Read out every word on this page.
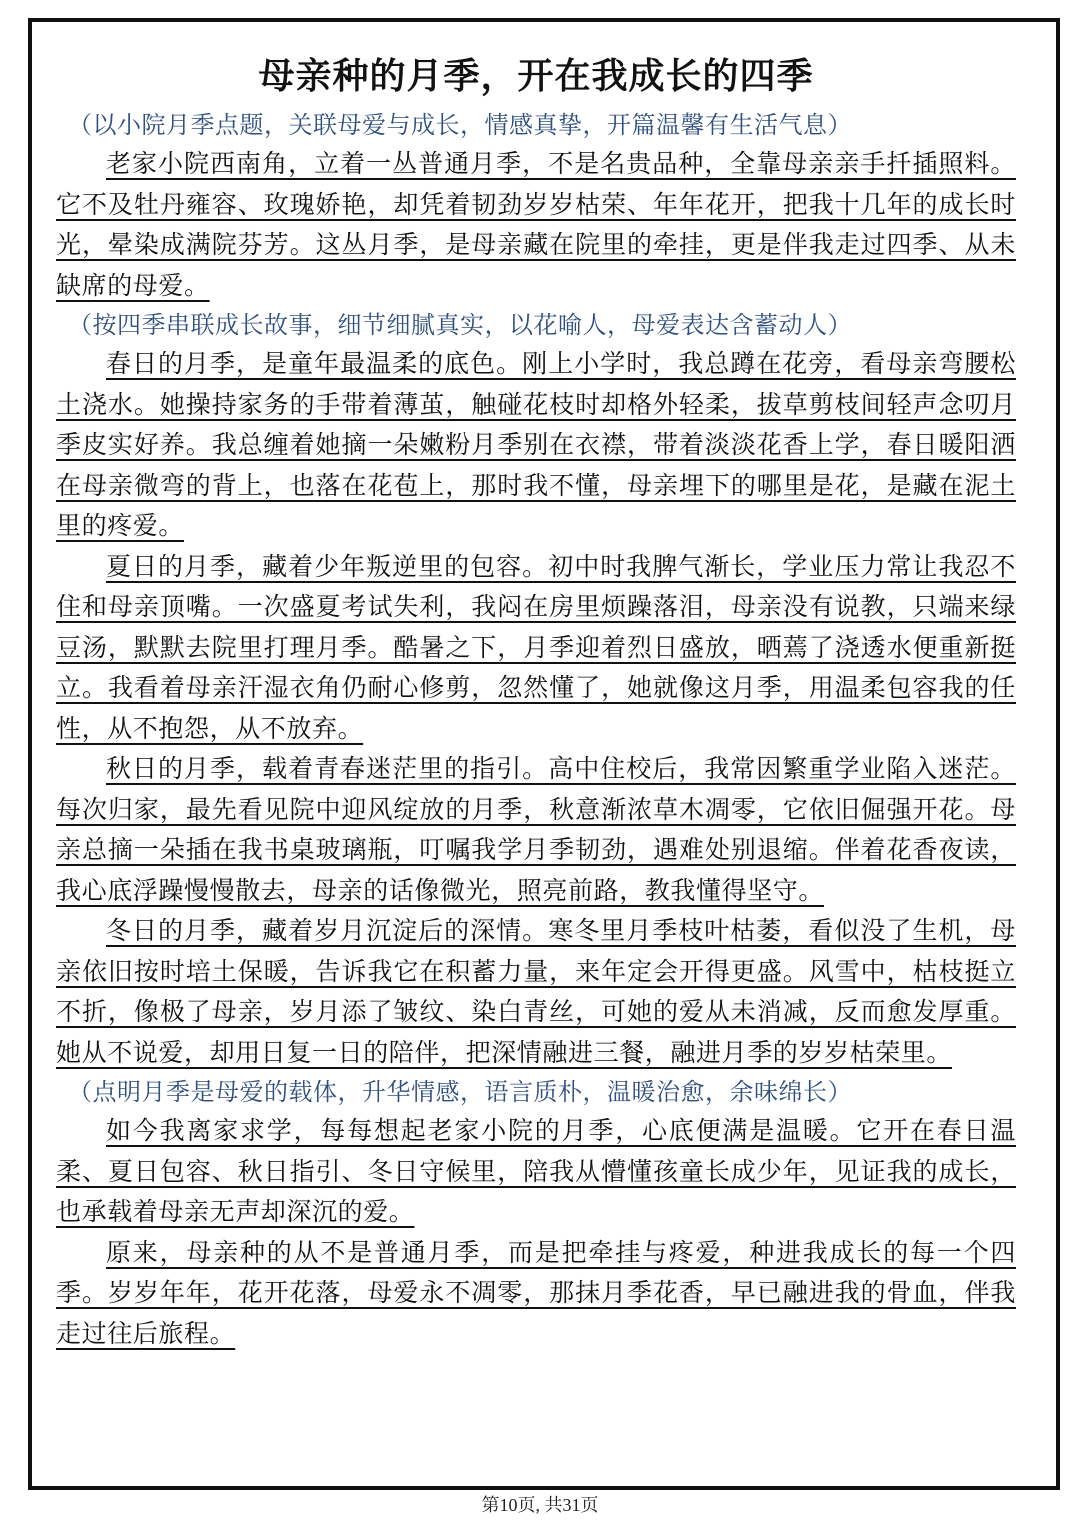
母亲种的月季，开在我成长的四季

（以小院月季点题，关联母爱与成长，情感真挚，开篇温馨有生活气息）

老家小院西南角，立着一丛普通月季，不是名贵品种，全靠母亲亲手扦插照料。它不及牡丹雍容、玫瑰娇艳，却凭着韧劲岁岁枯荣、年年花开，把我十几年的成长时光，晕染成满院芬芳。这丛月季，是母亲藏在院里的牵挂，更是伴我走过四季、从未缺席的母爱。

（按四季串联成长故事，细节细腻真实，以花喻人，母爱表达含蓄动人）

春日的月季，是童年最温柔的底色。刚上小学时，我总蹲在花旁，看母亲弯腰松土浇水。她操持家务的手带着薄茧，触碰花枝时却格外轻柔，拔草剪枝间轻声念叨月季皮实好养。我总缠着她摘一朵嫩粉月季别在衣襟，带着淡淡花香上学，春日暖阳洒在母亲微弯的背上，也落在花苞上，那时我不懂，母亲埋下的哪里是花，是藏在泥土里的疼爱。

夏日的月季，藏着少年叛逆里的包容。初中时我脾气渐长，学业压力常让我忍不住和母亲顶嘴。一次盛夏考试失利，我闷在房里烦躁落泪，母亲没有说教，只端来绿豆汤，默默去院里打理月季。酷暑之下，月季迎着烈日盛放，晒蔫了浇透水便重新挺立。我看着母亲汗湿衣角仍耐心修剪，忽然懂了，她就像这月季，用温柔包容我的任性，从不抱怨，从不放弃。

秋日的月季，载着青春迷茫里的指引。高中住校后，我常因繁重学业陷入迷茫。每次归家，最先看见院中迎风绽放的月季，秋意渐浓草木凋零，它依旧倔强开花。母亲总摘一朵插在我书桌玻璃瓶，叮嘱我学月季韧劲，遇难处别退缩。伴着花香夜读，我心底浮躁慢慢散去，母亲的话像微光，照亮前路，教我懂得坚守。

冬日的月季，藏着岁月沉淀后的深情。寒冬里月季枝叶枯萎，看似没了生机，母亲依旧按时培土保暖，告诉我它在积蓄力量，来年定会开得更盛。风雪中，枯枝挺立不折，像极了母亲，岁月添了皱纹、染白青丝，可她的爱从未消减，反而愈发厚重。她从不说爱，却用日复一日的陪伴，把深情融进三餐，融进月季的岁岁枯荣里。

（点明月季是母爱的载体，升华情感，语言质朴，温暖治愈，余味绵长）

如今我离家求学，每每想起老家小院的月季，心底便满是温暖。它开在春日温柔、夏日包容、秋日指引、冬日守候里，陪我从懵懂孩童长成少年，见证我的成长，也承载着母亲无声却深沉的爱。

原来，母亲种的从不是普通月季，而是把牵挂与疼爱，种进我成长的每一个四季。岁岁年年，花开花落，母爱永不凋零，那抹月季花香，早已融进我的骨血，伴我走过往后旅程。

第10页, 共31页
